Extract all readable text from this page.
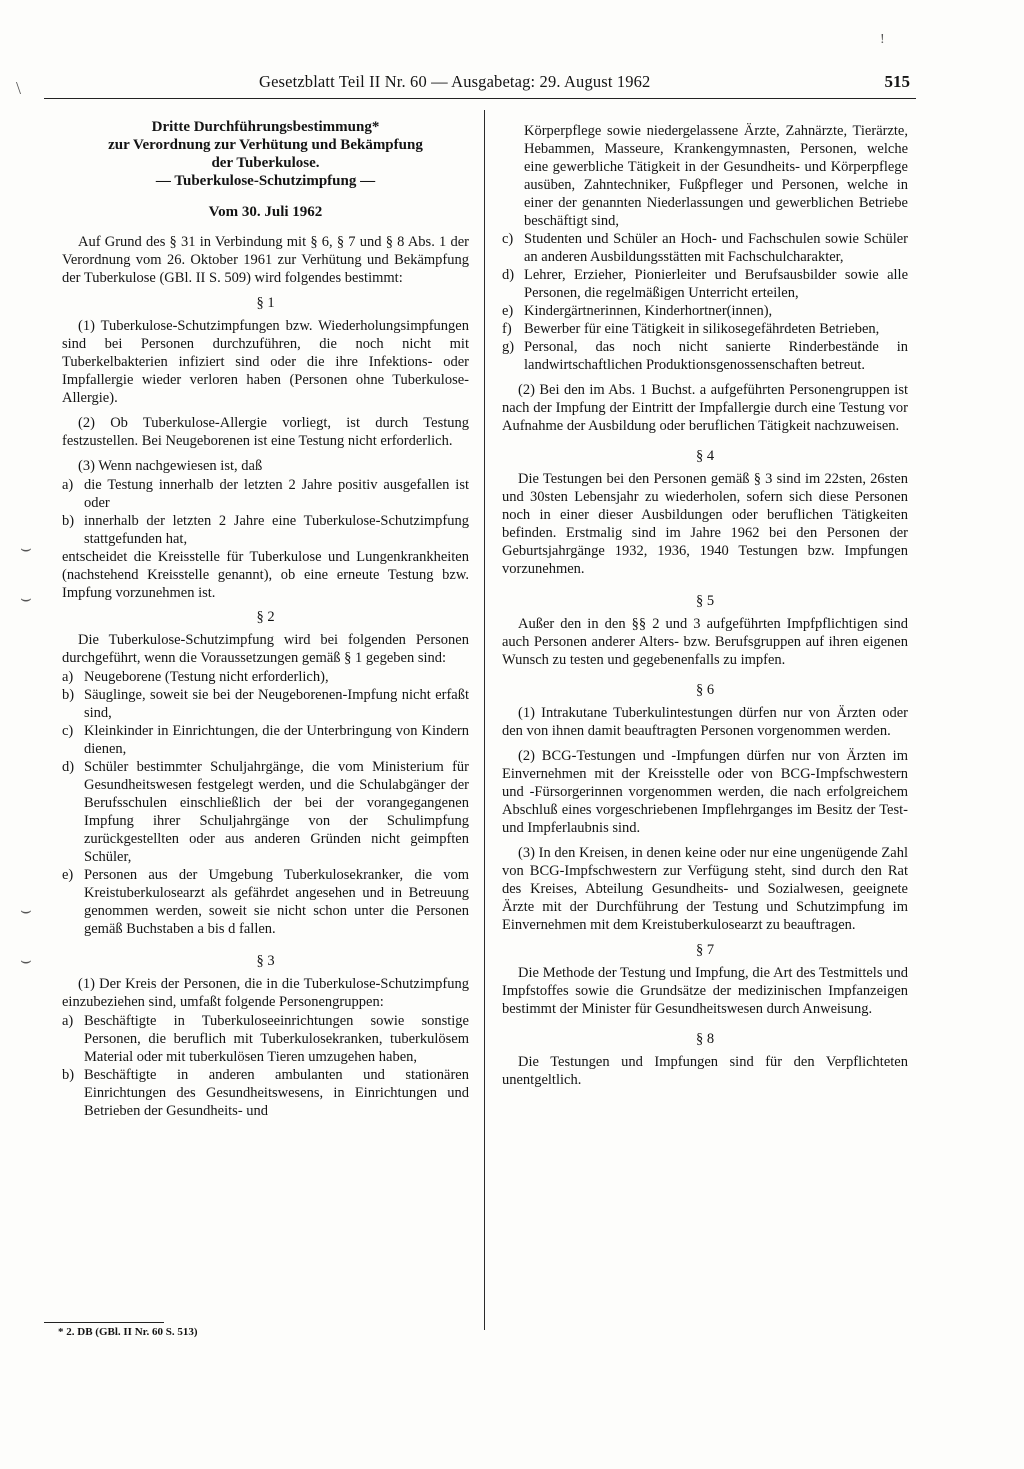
Gesetzblatt Teil II Nr. 60 — Ausgabetag: 29. August 1962	515
\
!
⌣
⌣
⌣
⌣
Dritte Durchführungsbestimmung*
zur Verordnung zur Verhütung und Bekämpfung
der Tuberkulose.
— Tuberkulose-Schutzimpfung —
Vom 30. Juli 1962

Auf Grund des § 31 in Verbindung mit § 6, § 7 und § 8 Abs. 1 der Verordnung vom 26. Oktober 1961 zur Verhütung und Bekämpfung der Tuberkulose (GBl. II S. 509) wird folgendes bestimmt:

§ 1

(1) Tuberkulose-Schutzimpfungen bzw. Wiederholungsimpfungen sind bei Personen durchzuführen, die noch nicht mit Tuberkelbakterien infiziert sind oder die ihre Infektions- oder Impfallergie wieder verloren haben (Personen ohne Tuberkulose-Allergie).

(2) Ob Tuberkulose-Allergie vorliegt, ist durch Testung festzustellen. Bei Neugeborenen ist eine Testung nicht erforderlich.

(3) Wenn nachgewiesen ist, daß

a) die Testung innerhalb der letzten 2 Jahre positiv ausgefallen ist oder
b) innerhalb der letzten 2 Jahre eine Tuberkulose-Schutzimpfung stattgefunden hat,

entscheidet die Kreisstelle für Tuberkulose und Lungenkrankheiten (nachstehend Kreisstelle genannt), ob eine erneute Testung bzw. Impfung vorzunehmen ist.

§ 2

Die Tuberkulose-Schutzimpfung wird bei folgenden Personen durchgeführt, wenn die Voraussetzungen gemäß § 1 gegeben sind:

a) Neugeborene (Testung nicht erforderlich),
b) Säuglinge, soweit sie bei der Neugeborenen-Impfung nicht erfaßt sind,
c) Kleinkinder in Einrichtungen, die der Unterbringung von Kindern dienen,
d) Schüler bestimmter Schuljahrgänge, die vom Ministerium für Gesundheitswesen festgelegt werden, und die Schulabgänger der Berufsschulen einschließlich der bei der vorangegangenen Impfung ihrer Schuljahrgänge von der Schulimpfung zurückgestellten oder aus anderen Gründen nicht geimpften Schüler,
e) Personen aus der Umgebung Tuberkulosekranker, die vom Kreistuberkulosearzt als gefährdet angesehen und in Betreuung genommen werden, soweit sie nicht schon unter die Personen gemäß Buchstaben a bis d fallen.

§ 3

(1) Der Kreis der Personen, die in die Tuberkulose-Schutzimpfung einzubeziehen sind, umfaßt folgende Personengruppen:

a) Beschäftigte in Tuberkuloseeinrichtungen sowie sonstige Personen, die beruflich mit Tuberkulosekranken, tuberkulösem Material oder mit tuberkulösen Tieren umzugehen haben,
b) Beschäftigte in anderen ambulanten und stationären Einrichtungen des Gesundheitswesens, in Einrichtungen und Betrieben der Gesundheits- und
Körperpflege sowie niedergelassene Ärzte, Zahnärzte, Tierärzte, Hebammen, Masseure, Krankengymnasten, Personen, welche eine gewerbliche Tätigkeit in der Gesundheits- und Körperpflege ausüben, Zahntechniker, Fußpfleger und Personen, welche in einer der genannten Niederlassungen und gewerblichen Betriebe beschäftigt sind,
c) Studenten und Schüler an Hoch- und Fachschulen sowie Schüler an anderen Ausbildungsstätten mit Fachschulcharakter,
d) Lehrer, Erzieher, Pionierleiter und Berufsausbilder sowie alle Personen, die regelmäßigen Unterricht erteilen,
e) Kindergärtnerinnen, Kinderhortner(innen),
f) Bewerber für eine Tätigkeit in silikosegefährdeten Betrieben,
g) Personal, das noch nicht sanierte Rinderbestände in landwirtschaftlichen Produktionsgenossenschaften betreut.

(2) Bei den im Abs. 1 Buchst. a aufgeführten Personengruppen ist nach der Impfung der Eintritt der Impfallergie durch eine Testung vor Aufnahme der Ausbildung oder beruflichen Tätigkeit nachzuweisen.

§ 4

Die Testungen bei den Personen gemäß § 3 sind im 22sten, 26sten und 30sten Lebensjahr zu wiederholen, sofern sich diese Personen noch in einer dieser Ausbildungen oder beruflichen Tätigkeiten befinden. Erstmalig sind im Jahre 1962 bei den Personen der Geburtsjahrgänge 1932, 1936, 1940 Testungen bzw. Impfungen vorzunehmen.

§ 5

Außer den in den §§ 2 und 3 aufgeführten Impfpflichtigen sind auch Personen anderer Alters- bzw. Berufsgruppen auf ihren eigenen Wunsch zu testen und gegebenenfalls zu impfen.

§ 6

(1) Intrakutane Tuberkulintestungen dürfen nur von Ärzten oder den von ihnen damit beauftragten Personen vorgenommen werden.

(2) BCG-Testungen und -Impfungen dürfen nur von Ärzten im Einvernehmen mit der Kreisstelle oder von BCG-Impfschwestern und -Fürsorgerinnen vorgenommen werden, die nach erfolgreichem Abschluß eines vorgeschriebenen Impflehrganges im Besitz der Test- und Impferlaubnis sind.

(3) In den Kreisen, in denen keine oder nur eine ungenügende Zahl von BCG-Impfschwestern zur Verfügung steht, sind durch den Rat des Kreises, Abteilung Gesundheits- und Sozialwesen, geeignete Ärzte mit der Durchführung der Testung und Schutzimpfung im Einvernehmen mit dem Kreistuberkulosearzt zu beauftragen.

§ 7

Die Methode der Testung und Impfung, die Art des Testmittels und Impfstoffes sowie die Grundsätze der medizinischen Impfanzeigen bestimmt der Minister für Gesundheitswesen durch Anweisung.

§ 8

Die Testungen und Impfungen sind für den Verpflichteten unentgeltlich.

* 2. DB (GBl. II Nr. 60 S. 513)
